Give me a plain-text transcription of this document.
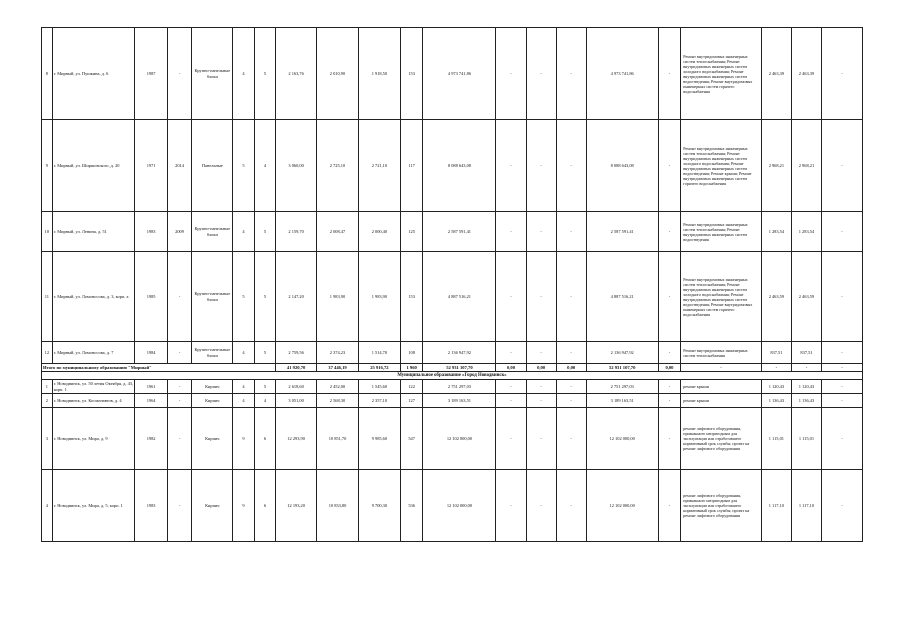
8	г. Мирный, ул. Пушкина, д. 6	1987	-	Крупно-панельные блоки	4	5	2 163,76	2 010,90	1 918,50	153	4 973 741,86	-	-	-	4 973 741,86	-	Ремонт внутридомовых инженерных систем теплоснабжения; Ремонт внутридомовых инженерных систем холодного водоснабжения; Ремонт внутридомовых инженерных систем водоотведения; Ремонт внутридомовых инженерных систем горячего водоснабжения	2 463,39	2 463,39	-
9	г. Мирный, ул. Ширшовского, д. 20	1971	2014	Панельные	5	4	3 060,00	2 725,10	2 721,10	117	8 088 643,08	-	-	-	8 088 643,08	-	Ремонт внутридомовых инженерных систем теплоснабжения; Ремонт внутридомовых инженерных систем холодного водоснабжения; Ремонт внутридомовых инженерных систем водоотведения; Ремонт крыши; Ремонт внутридомовых инженерных систем горячего водоснабжения	2 968,21	2 968,21	-
10	г. Мирный, ул. Ленина, д. 51	1983	2009	Крупно-панельные блоки	4	5	2 159,70	2 008,47	2 000,40	125	2 587 591,41	-	-	-	2 587 591,41	-	Ремонт внутридомовых инженерных систем теплоснабжения; Ремонт внутридомовых инженерных систем водоотведения	1 283,54	1 283,54	-
11	г. Мирный, ул. Ломоносова, д. 3, корп. а	1985	-	Крупно-панельные блоки	5	5	2 147,20	1 983,90	1 983,90	153	4 887 516,21	-	-	-	4 887 516,21	-	Ремонт внутридомовых инженерных систем теплоснабжения; Ремонт внутридомовых инженерных систем холодного водоснабжения; Ремонт внутридомовых инженерных систем водоотведения; Ремонт внутридомовых инженерных систем горячего водоснабжения	2 463,59	2 463,59	-
12	г. Мирный, ул. Ломоносова, д. 7	1984	-	Крупно-панельные блоки	4	5	2 759,56	2 374,23	1 514,70	108	2 136 947,92	-	-	-	2 136 947,92	-	Ремонт внутридомовых инженерных систем теплоснабжения	837,51	837,51	-
Итого по муниципальному образованию "Мирный"							41 920,70	37 446,19	25 916,72	1 960	52 931 107,70	0,00	0,00	0,00	52 931 107,70	0,00	-	-	-	-
Муниципальное образование «Город Новодвинск»																				
1	г. Новодвинск, ул. 50 летия Октября, д. 43, корп. 1	1961	-	Кирпич	4	5	2 618,60	2 452,00	1 545,60	122	2 751 297,03	-	-	-	2 751 297,03	-	ремонт крыши	1 120,43	1 120,43	-
2	г. Новодвинск, ул. Космонавтов, д. 4	1964	-	Кирпич	4	4	3 051,00	2 568,30	2 357,10	127	3 189 163,51	-	-	-	3 189 163,51	-	ремонт крыши	1 136,43	1 136,43	-
3	г. Новодвинск, ул. Мира, д. 9	1982	-	Кирпич	9	6	12 293,90	10 851,70	9 985,60	547	12 102 000,00	-	-	-	12 102 000,00	-	ремонт лифтового оборудования, признанного непригодным для эксплуатации или отработавшего нормативный срок службы; проект на ремонт лифтового оборудования	1 115,01	1 115,01	-
4	г. Новодвинск, ул. Мира, д. 5, корп. 1	1983	-	Кирпич	9	6	12 193,20	10 833,80	9 700,30	536	12 102 000,00	-	-	-	12 102 000,00	-	ремонт лифтового оборудования, признанного непригодным для эксплуатации или отработавшего нормативный срок службы; проект на ремонт лифтового оборудования	1 117,10	1 117,10	-
